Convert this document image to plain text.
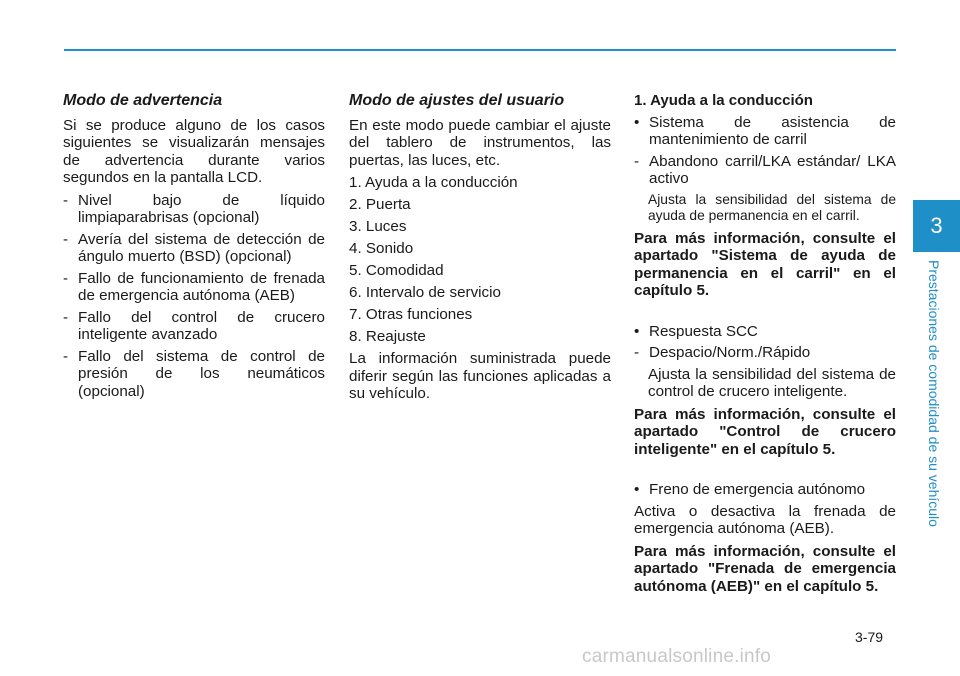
Modo de advertencia

Si se produce alguno de los casos siguientes se visualizarán mensajes de advertencia durante varios segundos en la pantalla LCD.

- Nivel bajo de líquido limpiaparabrisas (opcional)
- Avería del sistema de detección de ángulo muerto (BSD) (opcional)
- Fallo de funcionamiento de frenada de emergencia autónoma (AEB)
- Fallo del control de crucero inteligente avanzado
- Fallo del sistema de control de presión de los neumáticos (opcional)
Modo de ajustes del usuario

En este modo puede cambiar el ajuste del tablero de instrumentos, las puertas, las luces, etc.

1. Ayuda a la conducción
2. Puerta
3. Luces
4. Sonido
5. Comodidad
6. Intervalo de servicio
7. Otras funciones
8. Reajuste

La información suministrada puede diferir según las funciones aplicadas a su vehículo.

1. Ayuda a la conducción
• Sistema de asistencia de mantenimiento de carril
- Abandono carril/LKA estándar/ LKA activo
Ajusta la sensibilidad del sistema de ayuda de permanencia en el carril.

Para más información, consulte el apartado "Sistema de ayuda de permanencia en el carril" en el capítulo 5.

• Respuesta SCC
- Despacio/Norm./Rápido
Ajusta la sensibilidad del sistema de control de crucero inteligente.

Para más información, consulte el apartado "Control de crucero inteligente" en el capítulo 5.

• Freno de emergencia autónomo

Activa o desactiva la frenada de emergencia autónoma (AEB).

Para más información, consulte el apartado "Frenada de emergencia autónoma (AEB)" en el capítulo 5.

3
Prestaciones de comodidad de su vehículo
3-79
carmanualsonline.info
